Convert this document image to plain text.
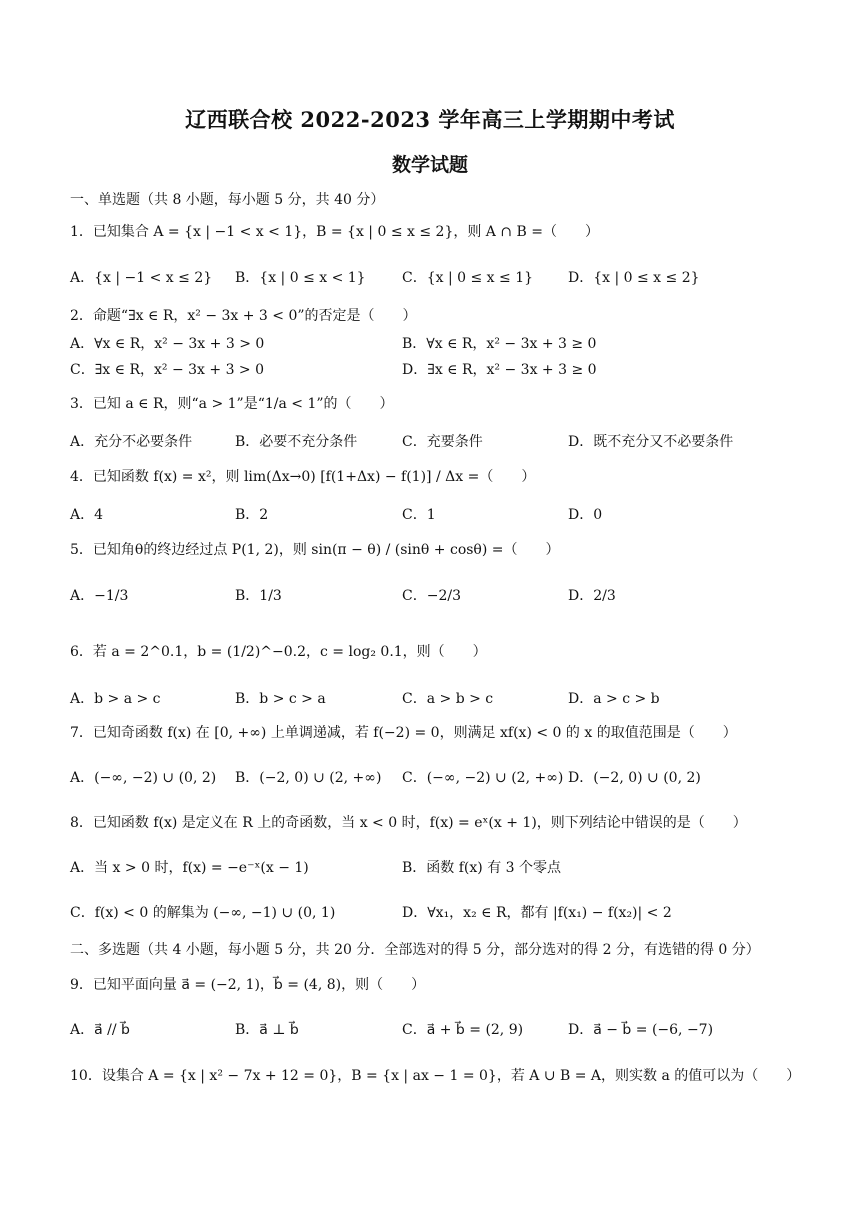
辽西联合校 2022-2023 学年高三上学期期中考试
数学试题
一、单选题（共 8 小题，每小题 5 分，共 40 分）
1．已知集合 A = {x | −1 < x < 1}，B = {x | 0 ≤ x ≤ 2}，则 A ∩ B =（　　）
A．{x | −1 < x ≤ 2} B．{x | 0 ≤ x < 1}	C．{x | 0 ≤ x ≤ 1} D．{x | 0 ≤ x ≤ 2}
2．命题“∃x ∈ R，x² − 3x + 3 < 0”的否定是（　　）
A．∀x ∈ R，x² − 3x + 3 > 0	B．∀x ∈ R，x² − 3x + 3 ≥ 0
C．∃x ∈ R，x² − 3x + 3 > 0	D．∃x ∈ R，x² − 3x + 3 ≥ 0
3．已知 a ∈ R，则“a > 1”是“1/a < 1”的（　　）
A．充分不必要条件	B．必要不充分条件	C．充要条件	D．既不充分又不必要条件
4．已知函数 f(x) = x²，则 lim(Δx→0) [f(1+Δx) − f(1)] / Δx =（　　）
A．4	B．2	C．1	D．0
5．已知角θ的终边经过点 P(1, 2)，则 sin(π − θ) / (sinθ + cosθ) =（　　）
A．−1/3	B．1/3	C．−2/3	D．2/3
6．若 a = 2^0.1，b = (1/2)^−0.2，c = log₂ 0.1，则（　　）
A．b > a > c	B．b > c > a	C．a > b > c	D．a > c > b
7．已知奇函数 f(x) 在 [0, +∞) 上单调递减，若 f(−2) = 0，则满足 xf(x) < 0 的 x 的取值范围是（　　）
A．(−∞, −2) ∪ (0, 2) B．(−2, 0) ∪ (2, +∞) C．(−∞, −2) ∪ (2, +∞) D．(−2, 0) ∪ (0, 2)
8．已知函数 f(x) 是定义在 R 上的奇函数，当 x < 0 时，f(x) = eˣ(x + 1)，则下列结论中错误的是（　　）
A．当 x > 0 时，f(x) = −e⁻ˣ(x − 1)	B．函数 f(x) 有 3 个零点
C．f(x) < 0 的解集为 (−∞, −1) ∪ (0, 1)	D．∀x₁，x₂ ∈ R，都有 |f(x₁) − f(x₂)| < 2
二、多选题（共 4 小题，每小题 5 分，共 20 分．全部选对的得 5 分，部分选对的得 2 分，有选错的得 0 分）
9．已知平面向量 a⃗ = (−2, 1)，b⃗ = (4, 8)，则（　　）
A．a⃗ // b⃗	B．a⃗ ⊥ b⃗	C．a⃗ + b⃗ = (2, 9)	D．a⃗ − b⃗ = (−6, −7)
10．设集合 A = {x | x² − 7x + 12 = 0}，B = {x | ax − 1 = 0}，若 A ∪ B = A，则实数 a 的值可以为（　　）
